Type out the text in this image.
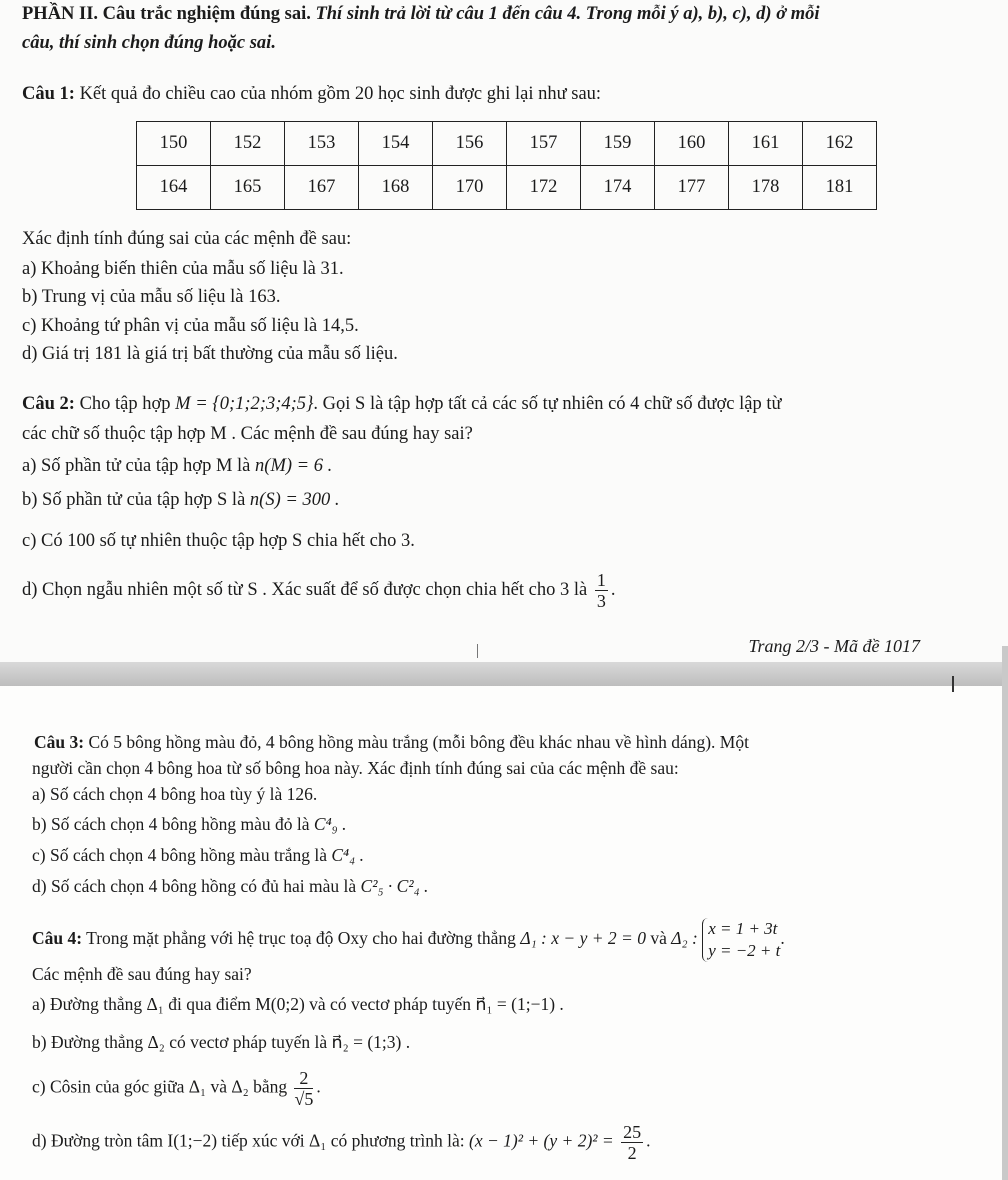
PHẦN II. Câu trắc nghiệm đúng sai. Thí sinh trả lời từ câu 1 đến câu 4. Trong mỗi ý a), b), c), d) ở mỗi
câu, thí sinh chọn đúng hoặc sai.
Câu 1: Kết quả đo chiều cao của nhóm gồm 20 học sinh được ghi lại như sau:
150	152	153	154	156	157	159	160	161	162
164	165	167	168	170	172	174	177	178	181
Xác định tính đúng sai của các mệnh đề sau:
a) Khoảng biến thiên của mẫu số liệu là 31.
b) Trung vị của mẫu số liệu là 163.
c) Khoảng tứ phân vị của mẫu số liệu là 14,5.
d) Giá trị 181 là giá trị bất thường của mẫu số liệu.
Câu 2: Cho tập hợp M = {0;1;2;3;4;5}. Gọi S là tập hợp tất cả các số tự nhiên có 4 chữ số được lập từ
các chữ số thuộc tập hợp M . Các mệnh đề sau đúng hay sai?
a) Số phần tử của tập hợp M là n(M) = 6 .
b) Số phần tử của tập hợp S là n(S) = 300 .
c) Có 100 số tự nhiên thuộc tập hợp S chia hết cho 3.
d) Chọn ngẫu nhiên một số từ S . Xác suất để số được chọn chia hết cho 3 là $\frac{1}{3}$ .
Trang 2/3 - Mã đề 1017
Câu 3: Có 5 bông hồng màu đỏ, 4 bông hồng màu trắng (mỗi bông đều khác nhau về hình dáng). Một
người cần chọn 4 bông hoa từ số bông hoa này. Xác định tính đúng sai của các mệnh đề sau:
a) Số cách chọn 4 bông hoa tùy ý là 126.
b) Số cách chọn 4 bông hồng màu đỏ là C⁴₉ .
c) Số cách chọn 4 bông hồng màu trắng là C⁴₄ .
d) Số cách chọn 4 bông hồng có đủ hai màu là C²₅ · C²₄ .
Câu 4: Trong mặt phẳng với hệ trục toạ độ Oxy cho hai đường thẳng Δ₁ : x − y + 2 = 0 và Δ₂ : x = 1 + 3t
y = −2 + t
.
Các mệnh đề sau đúng hay sai?
a) Đường thẳng Δ₁ đi qua điểm M(0;2) và có vectơ pháp tuyến n⃗₁ = (1;−1) .
b) Đường thẳng Δ₂ có vectơ pháp tuyến là n⃗₂ = (1;3) .
c) Côsin của góc giữa Δ₁ và Δ₂ bằng $\frac{2}{√5}$ .
d) Đường tròn tâm I(1;−2) tiếp xúc với Δ₁ có phương trình là: $(x - 1)^2 + (y + 2)^2 = \frac{25}{2}$ .
